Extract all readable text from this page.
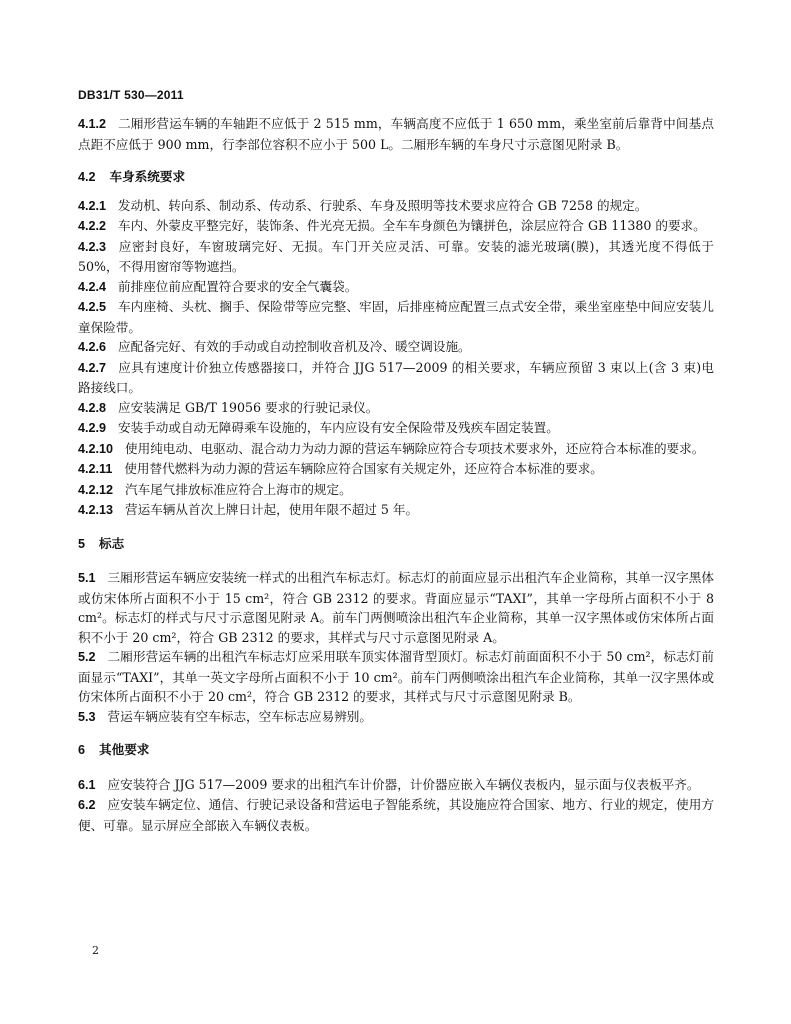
DB31/T 530—2011

4.1.2 二厢形营运车辆的车轴距不应低于 2 515 mm，车辆高度不应低于 1 650 mm，乘坐室前后靠背中间基点点距不应低于 900 mm，行李部位容积不应小于 500 L。二厢形车辆的车身尺寸示意图见附录 B。

4.2 车身系统要求

4.2.1 发动机、转向系、制动系、传动系、行驶系、车身及照明等技术要求应符合 GB 7258 的规定。

4.2.2 车内、外蒙皮平整完好，装饰条、件光亮无损。全车车身颜色为镶拼色，涂层应符合 GB 11380 的要求。

4.2.3 应密封良好，车窗玻璃完好、无损。车门开关应灵活、可靠。安装的滤光玻璃(膜)，其透光度不得低于 50%，不得用窗帘等物遮挡。

4.2.4 前排座位前应配置符合要求的安全气囊袋。

4.2.5 车内座椅、头枕、搁手、保险带等应完整、牢固，后排座椅应配置三点式安全带，乘坐室座垫中间应安装儿童保险带。

4.2.6 应配备完好、有效的手动或自动控制收音机及冷、暖空调设施。

4.2.7 应具有速度计价独立传感器接口，并符合 JJG 517—2009 的相关要求，车辆应预留 3 束以上(含 3 束)电路接线口。

4.2.8 应安装满足 GB/T 19056 要求的行驶记录仪。

4.2.9 安装手动或自动无障碍乘车设施的，车内应设有安全保险带及残疾车固定装置。

4.2.10 使用纯电动、电驱动、混合动力为动力源的营运车辆除应符合专项技术要求外，还应符合本标准的要求。

4.2.11 使用替代燃料为动力源的营运车辆除应符合国家有关规定外，还应符合本标准的要求。

4.2.12 汽车尾气排放标准应符合上海市的规定。

4.2.13 营运车辆从首次上牌日计起，使用年限不超过 5 年。

5 标志

5.1 三厢形营运车辆应安装统一样式的出租汽车标志灯。标志灯的前面应显示出租汽车企业简称，其单一汉字黑体或仿宋体所占面积不小于 15 cm²，符合 GB 2312 的要求。背面应显示“TAXI”，其单一字母所占面积不小于 8 cm²。标志灯的样式与尺寸示意图见附录 A。前车门两侧喷涂出租汽车企业简称，其单一汉字黑体或仿宋体所占面积不小于 20 cm²，符合 GB 2312 的要求，其样式与尺寸示意图见附录 A。

5.2 二厢形营运车辆的出租汽车标志灯应采用联车顶实体溜背型顶灯。标志灯前面面积不小于 50 cm²，标志灯前面显示“TAXI”，其单一英文字母所占面积不小于 10 cm²。前车门两侧喷涂出租汽车企业简称，其单一汉字黑体或仿宋体所占面积不小于 20 cm²，符合 GB 2312 的要求，其样式与尺寸示意图见附录 B。

5.3 营运车辆应装有空车标志，空车标志应易辨别。

6 其他要求

6.1 应安装符合 JJG 517—2009 要求的出租汽车计价器，计价器应嵌入车辆仪表板内，显示面与仪表板平齐。

6.2 应安装车辆定位、通信、行驶记录设备和营运电子智能系统，其设施应符合国家、地方、行业的规定，使用方便、可靠。显示屏应全部嵌入车辆仪表板。

2
